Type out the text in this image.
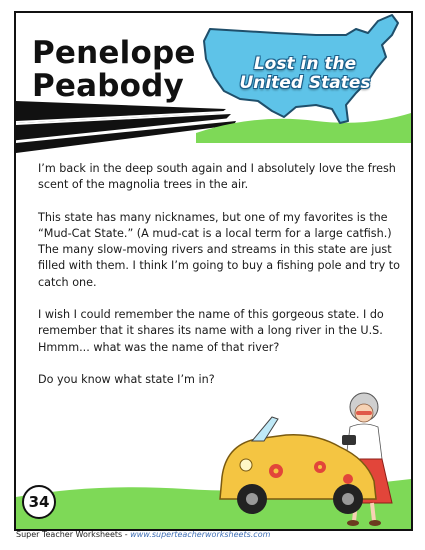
Penelope
Peabody
Lost in the
United States

I’m back in the deep south again and I absolutely love the fresh scent of the magnolia trees in the air.

This state has many nicknames, but one of my favorites is the “Mud-Cat State.” (A mud-cat is a local term for a large catfish.) The many slow-moving rivers and streams in this state are just filled with them. I think I’m going to buy a fishing pole and try to catch one.

I wish I could remember the name of this gorgeous state. I do remember that it shares its name with a long river in the U.S. Hmmm... what was the name of that river?

Do you know what state I’m in?

34
Super Teacher Worksheets - www.superteacherworksheets.com
